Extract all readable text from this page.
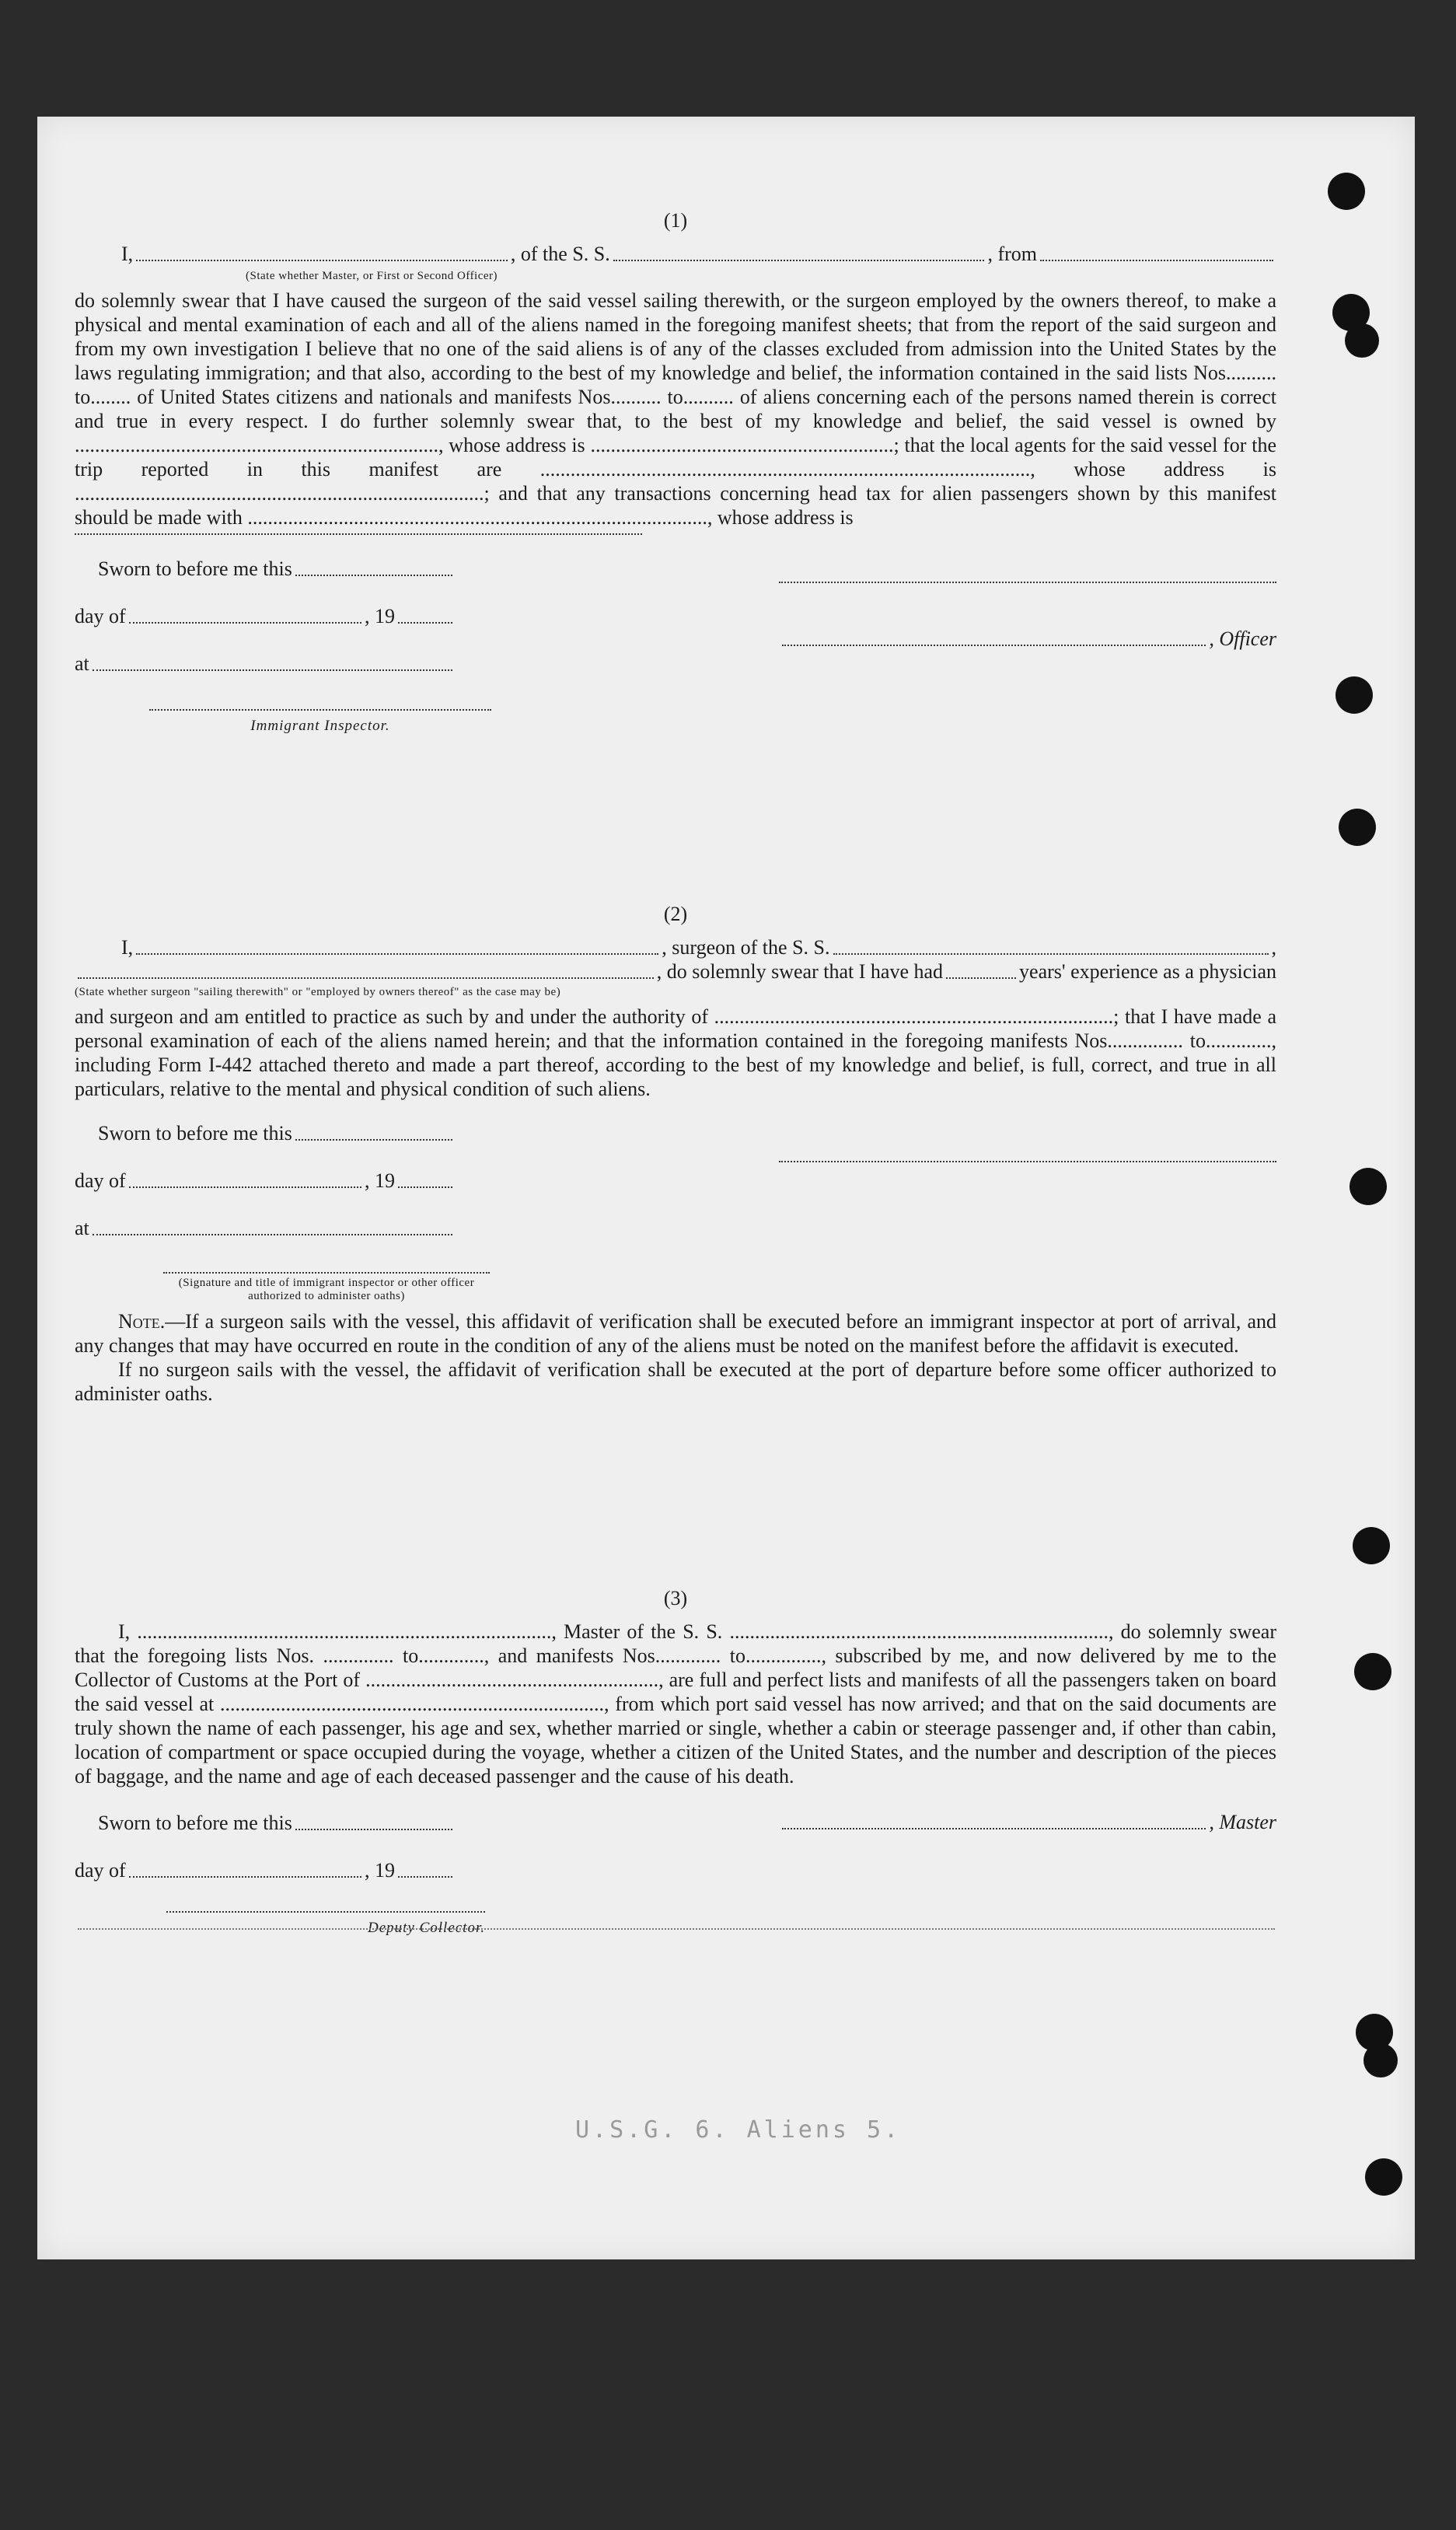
(1)

I,	, of the S. S.	, from

(State whether Master, or First or Second Officer)

do solemnly swear that I have caused the surgeon of the said vessel sailing therewith, or the surgeon employed by the owners thereof, to make a physical and mental examination of each and all of the aliens named in the foregoing manifest sheets; that from the report of the said surgeon and from my own investigation I believe that no one of the said aliens is of any of the classes excluded from admission into the United States by the laws regulating immigration; and that also, according to the best of my knowledge and belief, the information contained in the said lists Nos.......... to........ of United States citizens and nationals and manifests Nos.......... to.......... of aliens concerning each of the persons named therein is correct and true in every respect. I do further solemnly swear that, to the best of my knowledge and belief, the said vessel is owned by ........................................................................, whose address is ............................................................; that the local agents for the said vessel for the trip reported in this manifest are ................................................................................................., whose address is .................................................................................; and that any transactions concerning head tax for alien passengers shown by this manifest should be made with ..........................................................................................., whose address is

Sworn to before me this
day of	, 19
at
, Officer

Immigrant Inspector.

(2)

I,	, surgeon of the S. S.	,
, do solemnly swear that I have had	years' experience as a physician

(State whether surgeon "sailing therewith" or "employed by owners thereof" as the case may be)

and surgeon and am entitled to practice as such by and under the authority of ...............................................................................; that I have made a personal examination of each of the aliens named herein; and that the information contained in the foregoing manifests Nos............... to............., including Form I-442 attached thereto and made a part thereof, according to the best of my knowledge and belief, is full, correct, and true in all particulars, relative to the mental and physical condition of such aliens.

Sworn to before me this
day of	, 19
at

(Signature and title of immigrant inspector or other officer authorized to administer oaths)

Note.—If a surgeon sails with the vessel, this affidavit of verification shall be executed before an immigrant inspector at port of arrival, and any changes that may have occurred en route in the condition of any of the aliens must be noted on the manifest before the affidavit is executed.

If no surgeon sails with the vessel, the affidavit of verification shall be executed at the port of departure before some officer authorized to administer oaths.

(3)

I, .................................................................................., Master of the S. S. ..........................................................................., do solemnly swear that the foregoing lists Nos. .............. to............., and manifests Nos............. to..............., subscribed by me, and now delivered by me to the Collector of Customs at the Port of .........................................................., are full and perfect lists and manifests of all the passengers taken on board the said vessel at ............................................................................, from which port said vessel has now arrived; and that on the said documents are truly shown the name of each passenger, his age and sex, whether married or single, whether a cabin or steerage passenger and, if other than cabin, location of compartment or space occupied during the voyage, whether a citizen of the United States, and the number and description of the pieces of baggage, and the name and age of each deceased passenger and the cause of his death.

Sworn to before me this
day of	, 19
, Master

Deputy Collector.

U.S.G. 6. Aliens 5.
